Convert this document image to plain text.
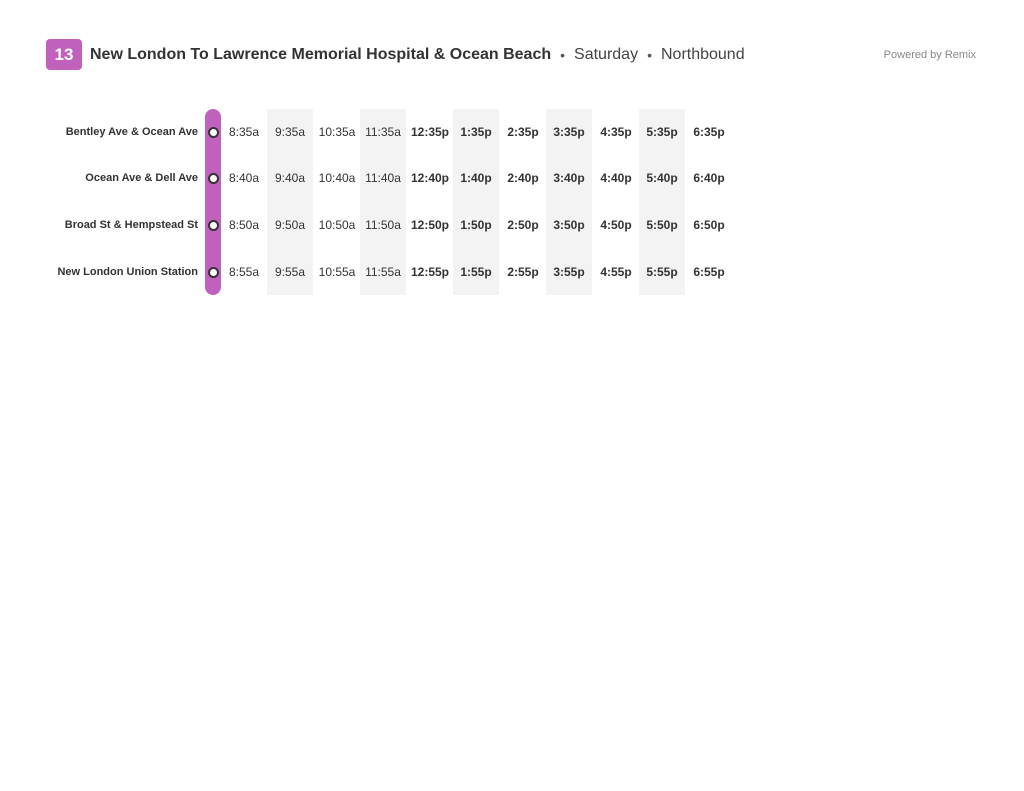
13	New London To Lawrence Memorial Hospital & Ocean Beach • Saturday • Northbound	Powered by Remix
Bentley Ave & Ocean Ave	8:35a	9:35a	10:35a 11:35a 12:35p 1:35p	2:35p	3:35p	4:35p	5:35p	6:35p
Ocean Ave & Dell Ave	8:40a	9:40a	10:40a 11:40a 12:40p 1:40p	2:40p	3:40p	4:40p	5:40p	6:40p
Broad St & Hempstead St	8:50a	9:50a	10:50a 11:50a 12:50p 1:50p	2:50p	3:50p	4:50p	5:50p	6:50p
New London Union Station	8:55a	9:55a	10:55a 11:55a 12:55p 1:55p	2:55p	3:55p	4:55p	5:55p	6:55p
